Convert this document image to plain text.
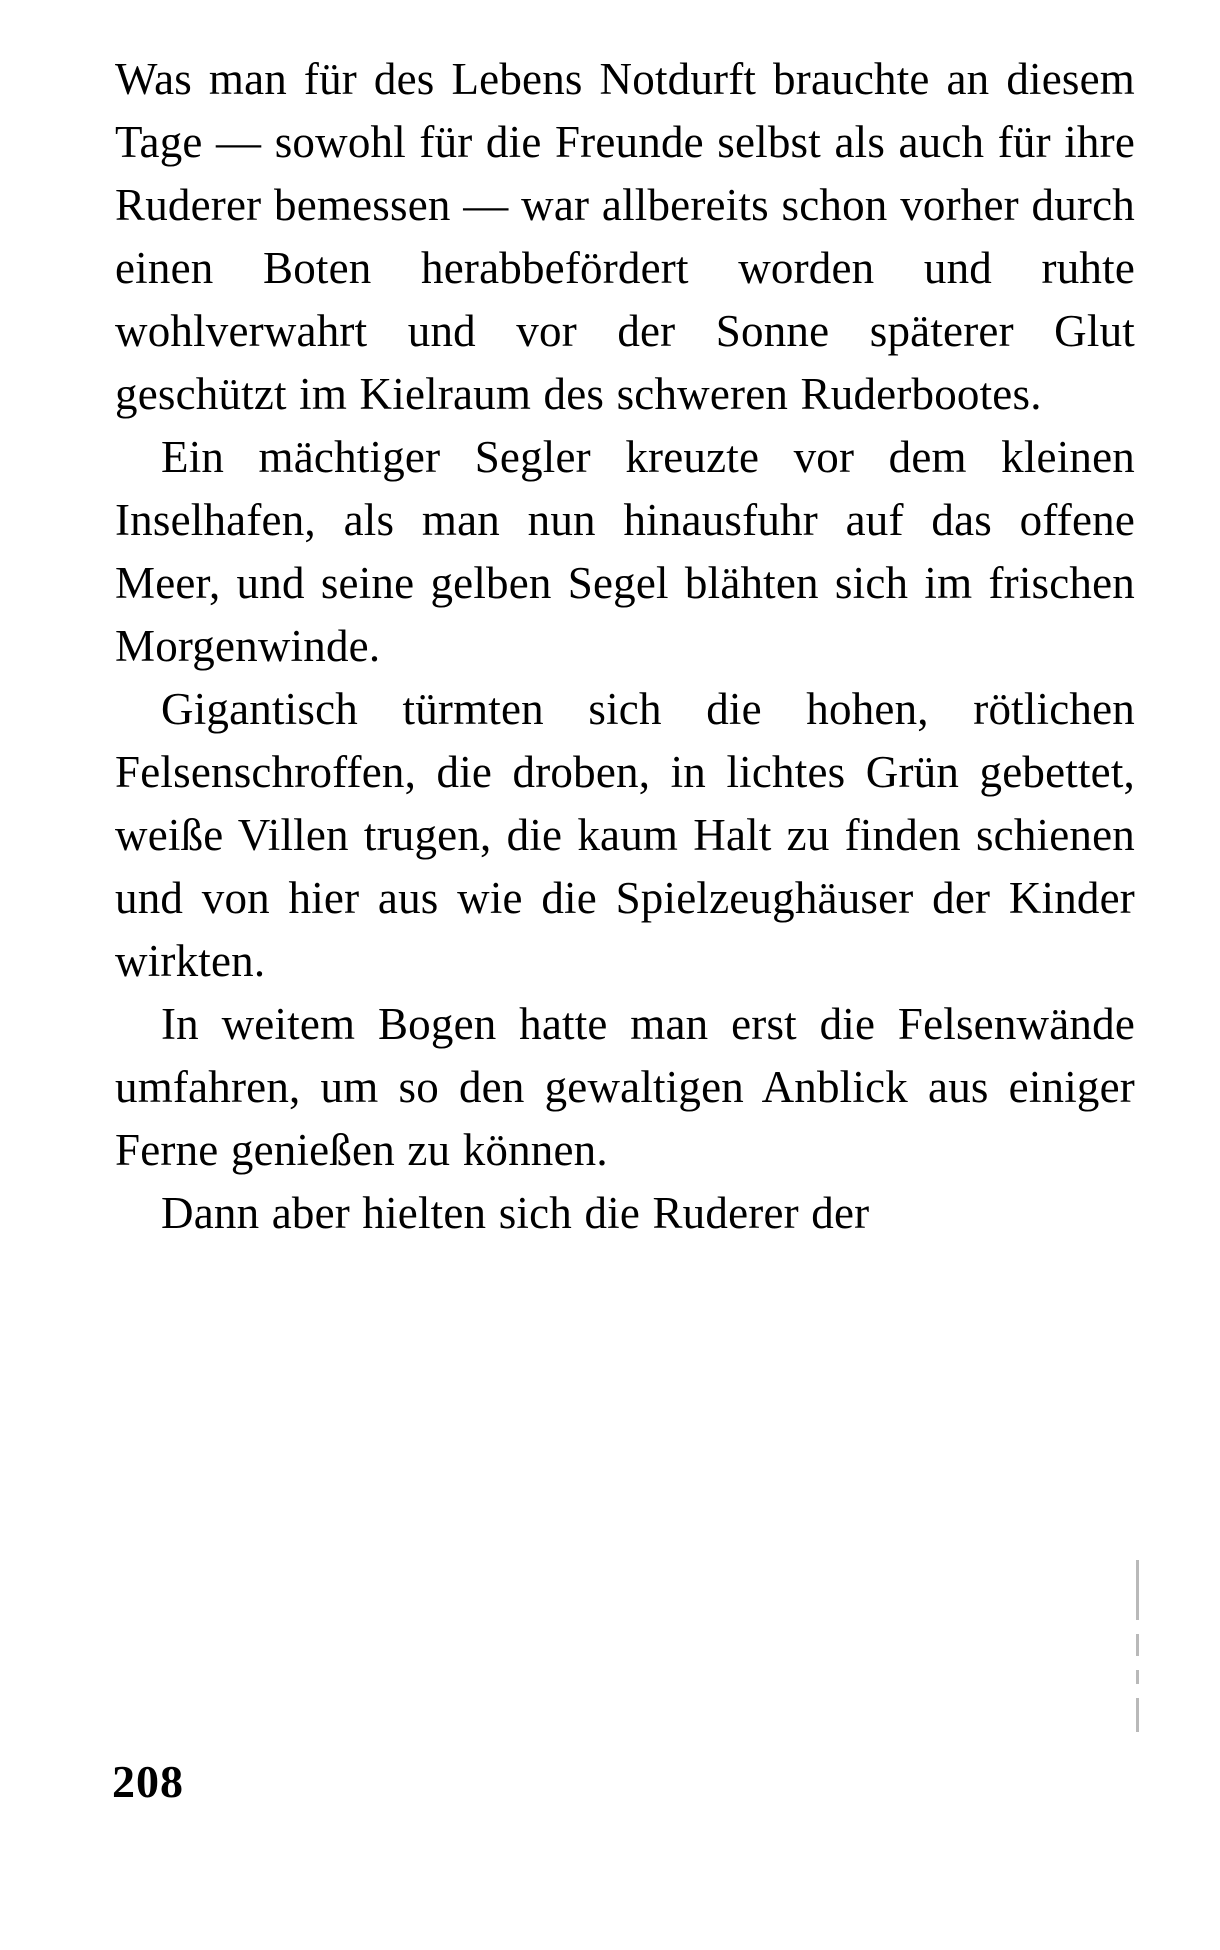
Was man für des Lebens Notdurft brauchte an diesem Tage — sowohl für die Freunde selbst als auch für ihre Ruderer bemessen — war allbereits schon vorher durch einen Boten herabbefördert worden und ruhte wohlverwahrt und vor der Sonne späterer Glut geschützt im Kielraum des schweren Ruderbootes.

Ein mächtiger Segler kreuzte vor dem kleinen Inselhafen, als man nun hinausfuhr auf das offene Meer, und seine gelben Segel blähten sich im frischen Morgenwinde.

Gigantisch türmten sich die hohen, rötlichen Felsenschroffen, die droben, in lichtes Grün gebettet, weiße Villen trugen, die kaum Halt zu finden schienen und von hier aus wie die Spielzeughäuser der Kinder wirkten.

In weitem Bogen hatte man erst die Felsenwände umfahren, um so den gewaltigen Anblick aus einiger Ferne genießen zu können.

Dann aber hielten sich die Ruderer der

208
